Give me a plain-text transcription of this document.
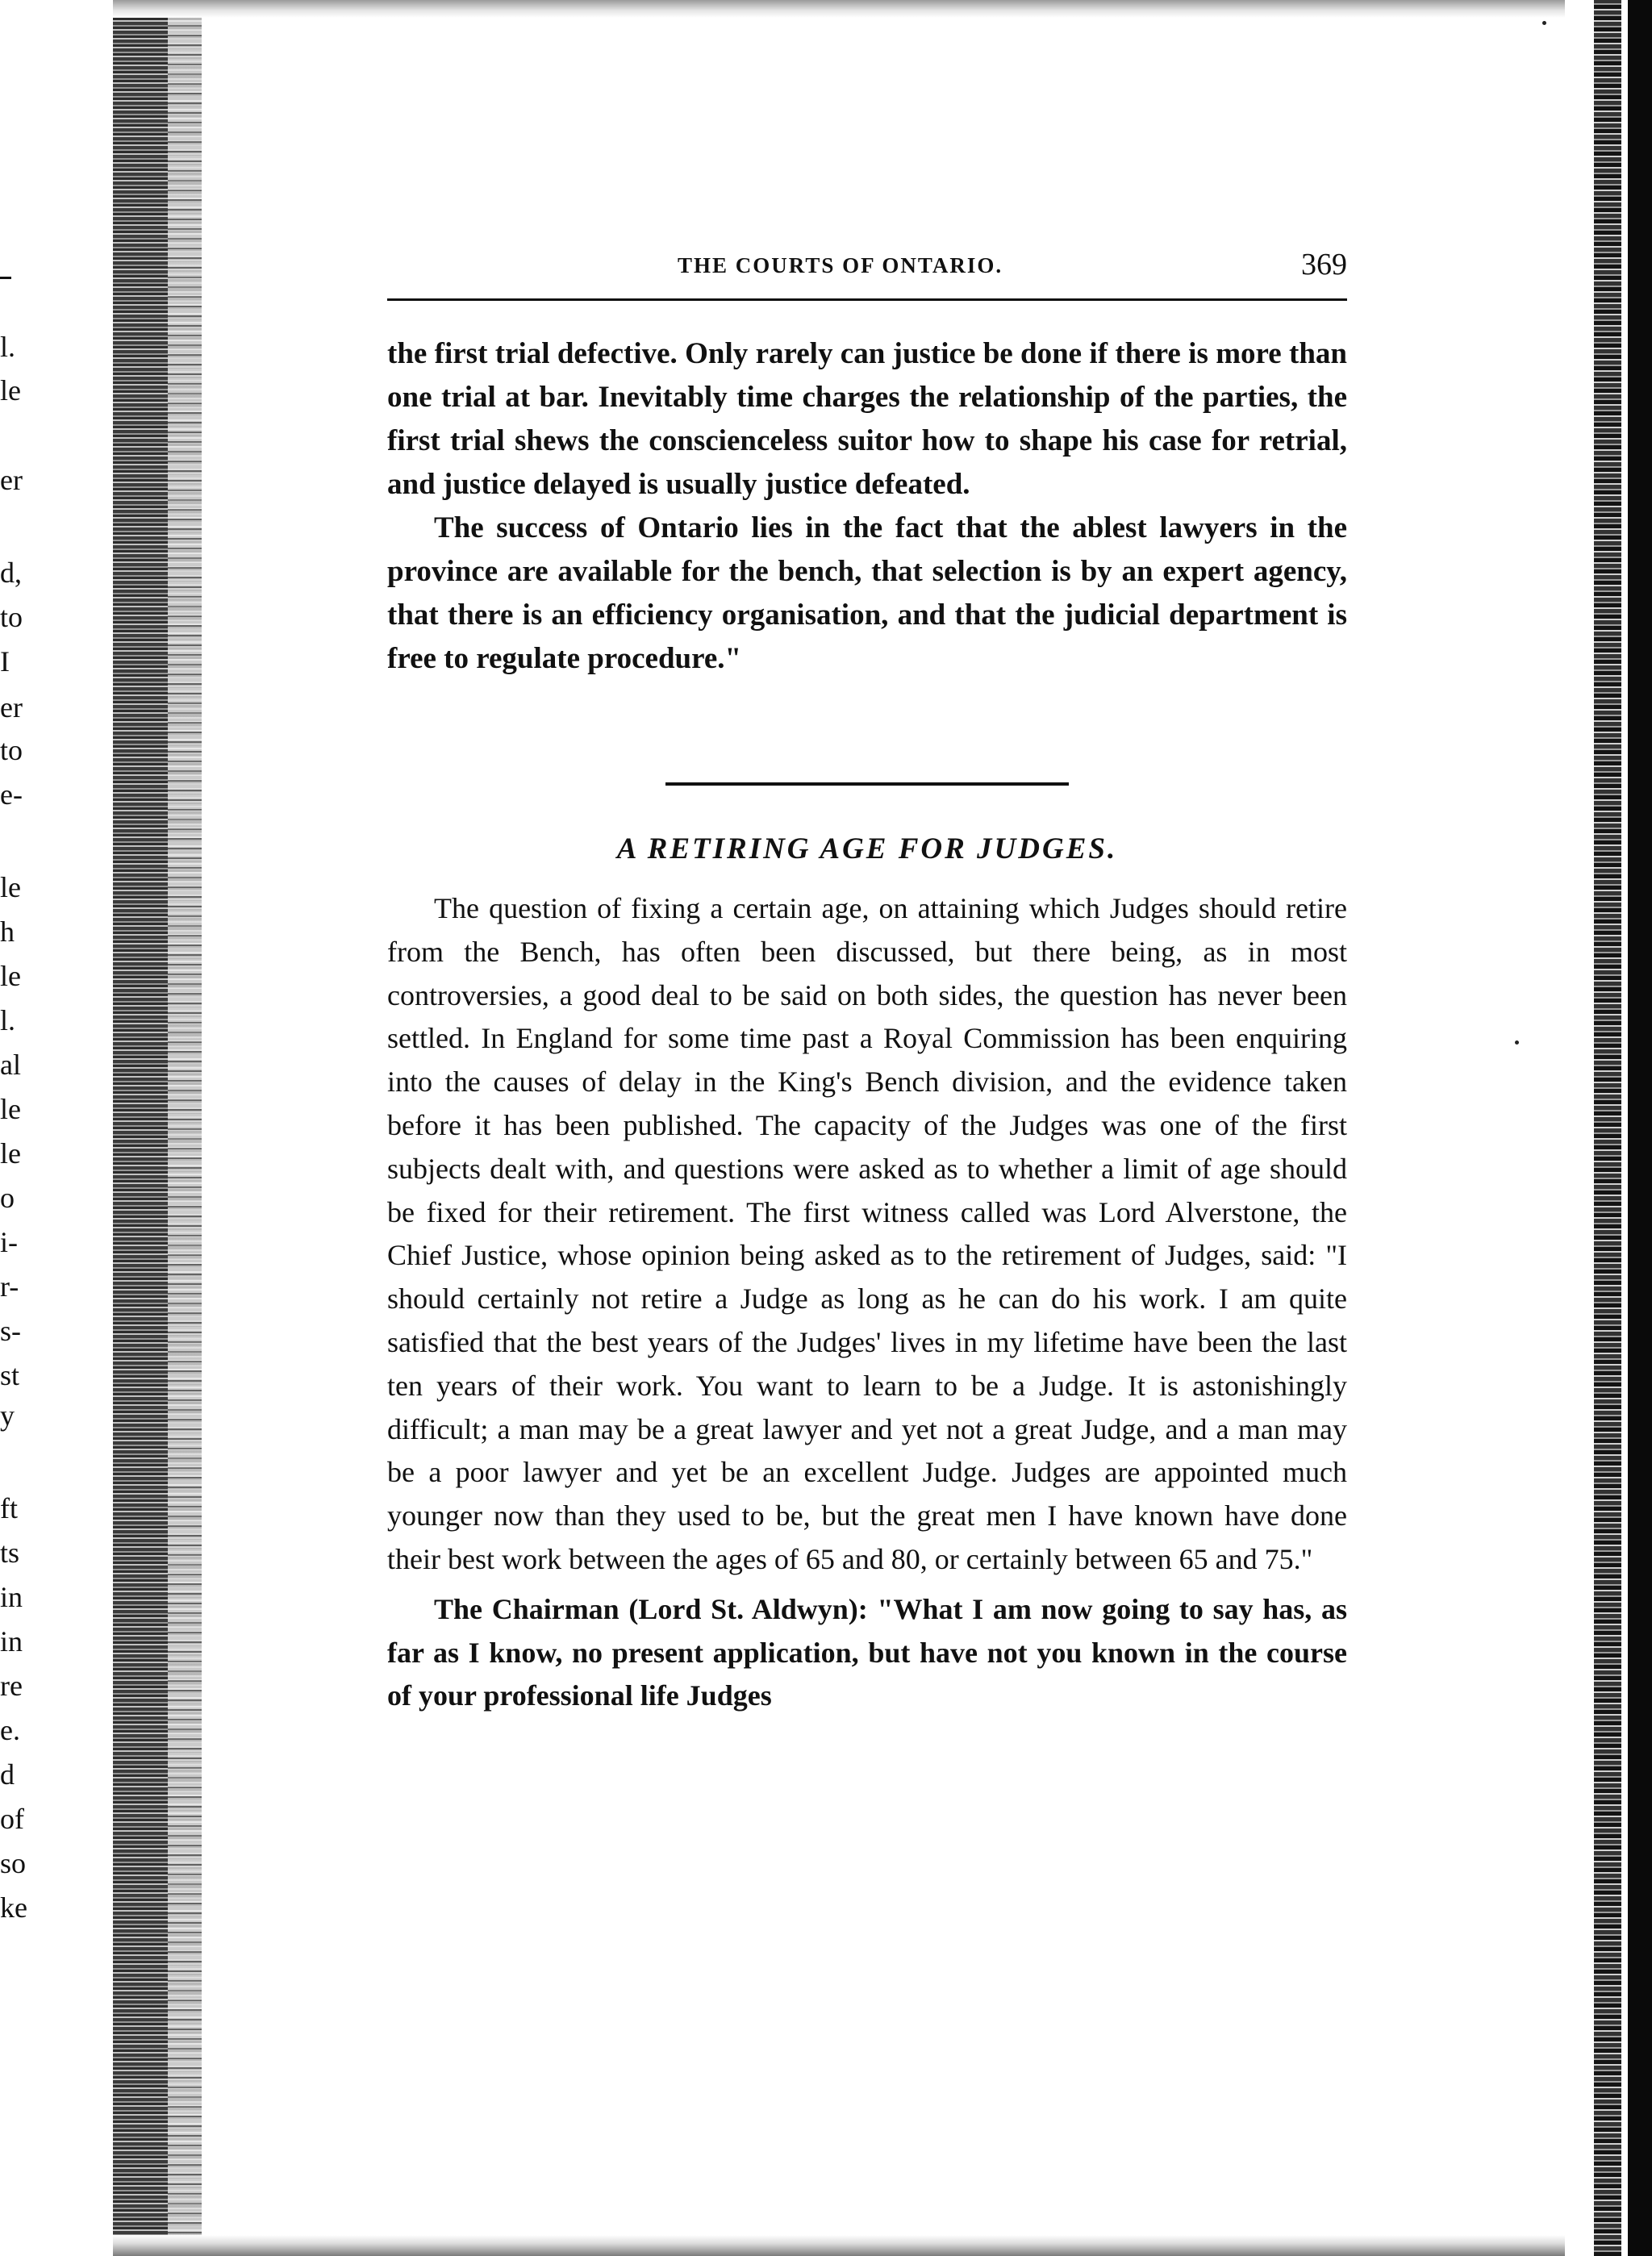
l.
le
er
d,
to
I
er
to
e-
le
h
le
l.
al
le
le
o
i-
r-
s-
st
y
ft
ts
in
in
re
e.
d
of
so
ke
THE COURTS OF ONTARIO.	369

the first trial defective. Only rarely can justice be done if there is more than one trial at bar. Inevitably time charges the relationship of the parties, the first trial shews the conscienceless suitor how to shape his case for retrial, and justice delayed is usually justice defeated.

The success of Ontario lies in the fact that the ablest lawyers in the province are available for the bench, that selection is by an expert agency, that there is an efficiency organisation, and that the judicial department is free to regulate procedure."

A RETIRING AGE FOR JUDGES.

The question of fixing a certain age, on attaining which Judges should retire from the Bench, has often been discussed, but there being, as in most controversies, a good deal to be said on both sides, the question has never been settled. In England for some time past a Royal Commission has been enquiring into the causes of delay in the King's Bench division, and the evidence taken before it has been published. The capacity of the Judges was one of the first subjects dealt with, and questions were asked as to whether a limit of age should be fixed for their retirement. The first witness called was Lord Alverstone, the Chief Justice, whose opinion being asked as to the retirement of Judges, said: "I should certainly not retire a Judge as long as he can do his work. I am quite satisfied that the best years of the Judges' lives in my lifetime have been the last ten years of their work. You want to learn to be a Judge. It is astonishingly difficult; a man may be a great lawyer and yet not a great Judge, and a man may be a poor lawyer and yet be an excellent Judge. Judges are appointed much younger now than they used to be, but the great men I have known have done their best work between the ages of 65 and 80, or certainly between 65 and 75."

The Chairman (Lord St. Aldwyn): "What I am now going to say has, as far as I know, no present application, but have not you known in the course of your professional life Judges
